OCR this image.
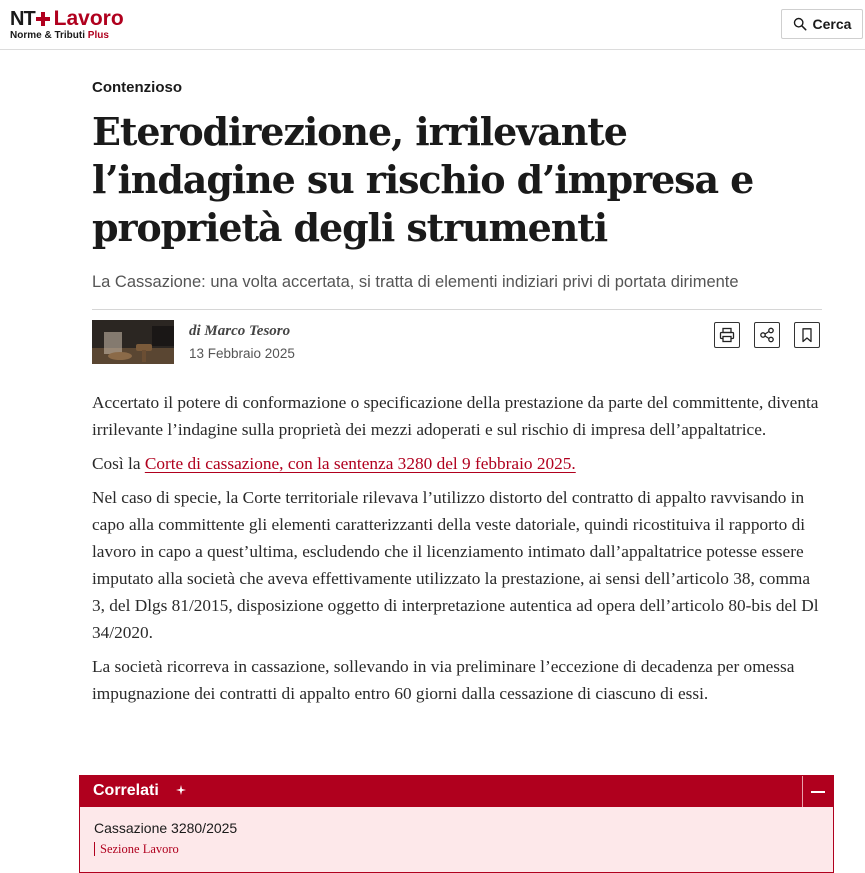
NT Lavoro
Norme & Tributi Plus
Cerca
Contenzioso
Eterodirezione, irrilevante l’indagine su rischio d’impresa e proprietà degli strumenti
La Cassazione: una volta accertata, si tratta di elementi indiziari privi di portata dirimente
di Marco Tesoro
13 Febbraio 2025

Accertato il potere di conformazione o specificazione della prestazione da parte del committente, diventa irrilevante l’indagine sulla proprietà dei mezzi adoperati e sul rischio di impresa dell’appaltatrice.

Così la Corte di cassazione, con la sentenza 3280 del 9 febbraio 2025.

Nel caso di specie, la Corte territoriale rilevava l’utilizzo distorto del contratto di appalto ravvisando in capo alla committente gli elementi caratterizzanti della veste datoriale, quindi ricostituiva il rapporto di lavoro in capo a quest’ultima, escludendo che il licenziamento intimato dall’appaltatrice potesse essere imputato alla società che aveva effettivamente utilizzato la prestazione, ai sensi dell’articolo 38, comma 3, del Dlgs 81/2015, disposizione oggetto di interpretazione autentica ad opera dell’articolo 80-bis del Dl 34/2020.

La società ricorreva in cassazione, sollevando in via preliminare l’eccezione di decadenza per omessa impugnazione dei contratti di appalto entro 60 giorni dalla cessazione di ciascuno di essi.

Correlati
Cassazione 3280/2025
Sezione Lavoro
